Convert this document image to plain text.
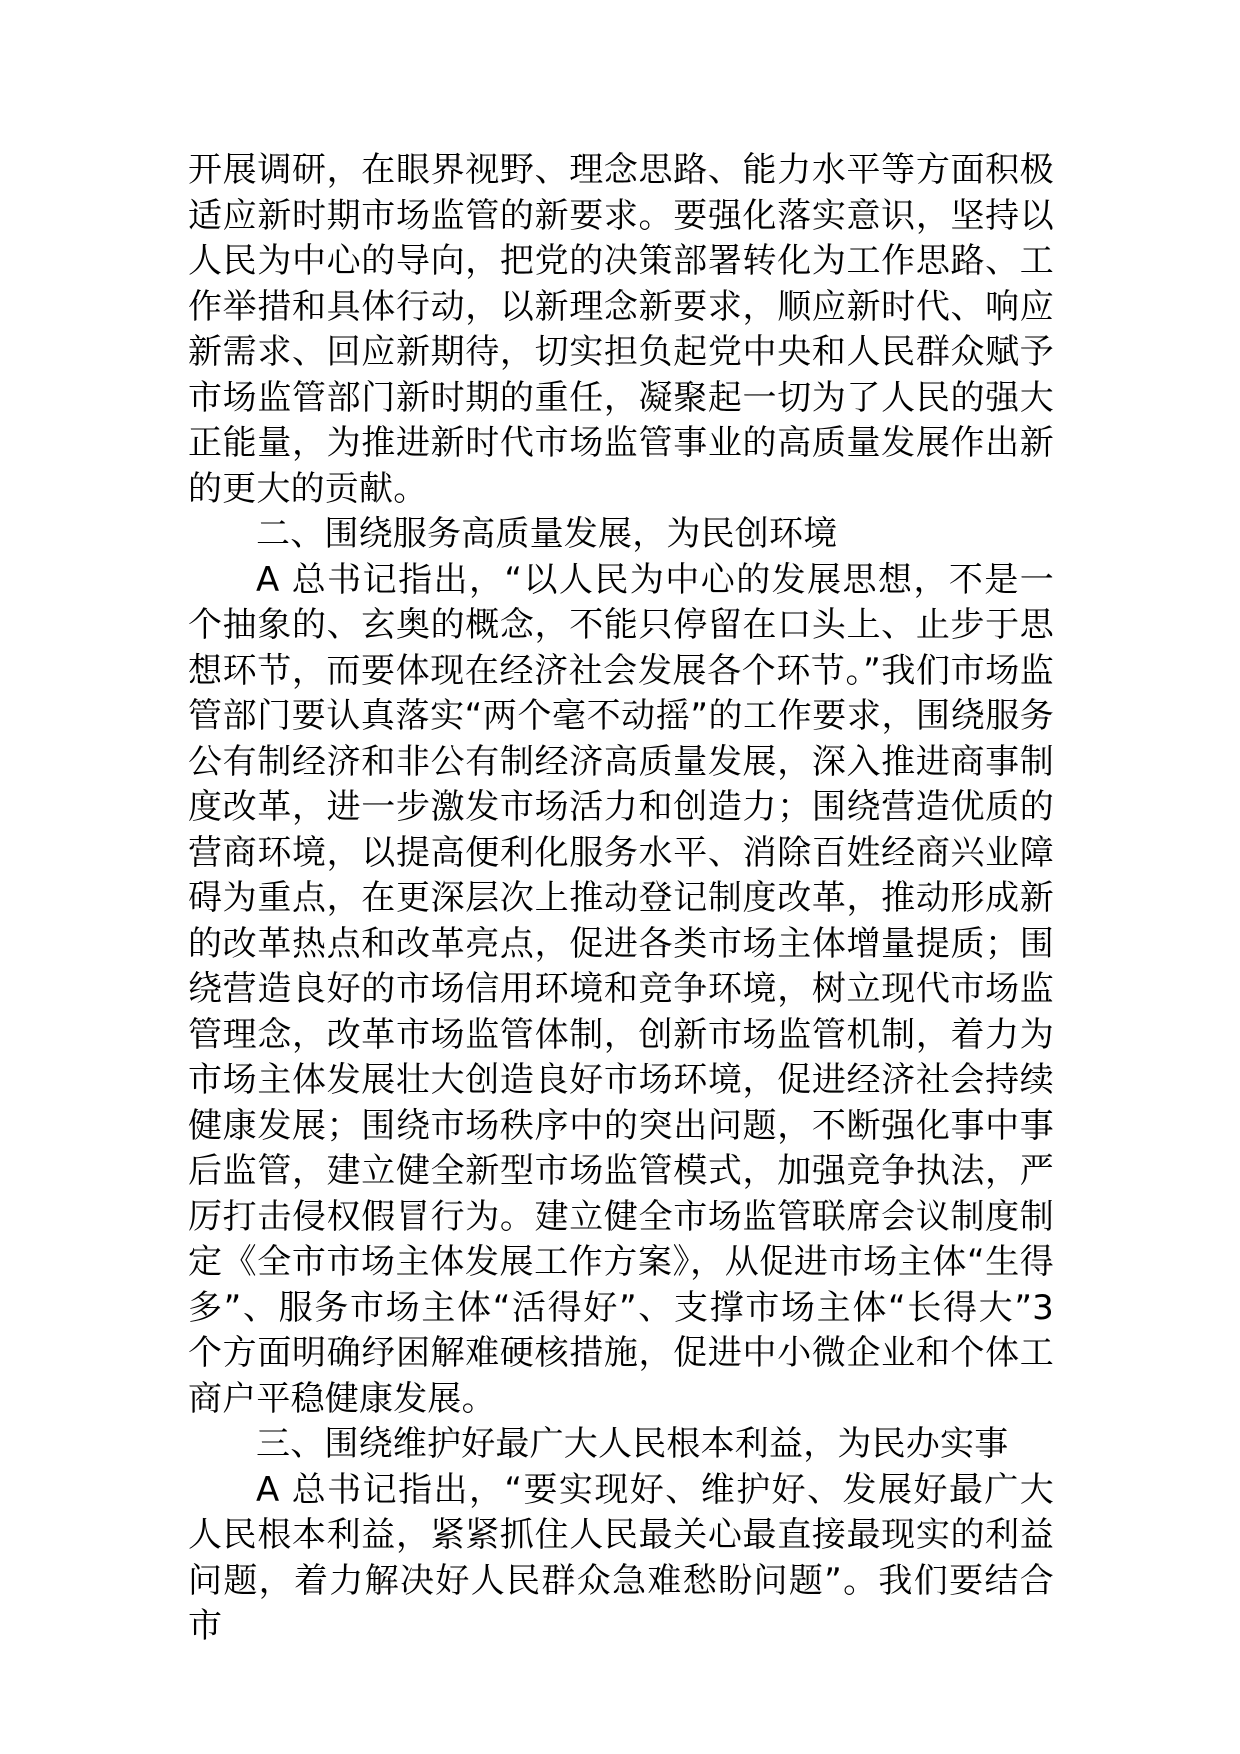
开展调研，在眼界视野、理念思路、能力水平等方面积极适应新时期市场监管的新要求。要强化落实意识，坚持以人民为中心的导向，把党的决策部署转化为工作思路、工作举措和具体行动，以新理念新要求，顺应新时代、响应新需求、回应新期待，切实担负起党中央和人民群众赋予市场监管部门新时期的重任，凝聚起一切为了人民的强大正能量，为推进新时代市场监管事业的高质量发展作出新的更大的贡献。

二、围绕服务高质量发展，为民创环境

A 总书记指出，“以人民为中心的发展思想，不是一个抽象的、玄奥的概念，不能只停留在口头上、止步于思想环节，而要体现在经济社会发展各个环节。”我们市场监管部门要认真落实“两个毫不动摇”的工作要求，围绕服务公有制经济和非公有制经济高质量发展，深入推进商事制度改革，进一步激发市场活力和创造力；围绕营造优质的营商环境，以提高便利化服务水平、消除百姓经商兴业障碍为重点，在更深层次上推动登记制度改革，推动形成新的改革热点和改革亮点，促进各类市场主体增量提质；围绕营造良好的市场信用环境和竞争环境，树立现代市场监管理念，改革市场监管体制，创新市场监管机制，着力为市场主体发展壮大创造良好市场环境，促进经济社会持续健康发展；围绕市场秩序中的突出问题，不断强化事中事后监管，建立健全新型市场监管模式，加强竞争执法，严厉打击侵权假冒行为。建立健全市场监管联席会议制度制定《全市市场主体发展工作方案》，从促进市场主体“生得多”、服务市场主体“活得好”、支撑市场主体“长得大”3 个方面明确纾困解难硬核措施，促进中小微企业和个体工商户平稳健康发展。

三、围绕维护好最广大人民根本利益，为民办实事

A 总书记指出，“要实现好、维护好、发展好最广大人民根本利益，紧紧抓住人民最关心最直接最现实的利益问题，着力解决好人民群众急难愁盼问题”。我们要结合市
